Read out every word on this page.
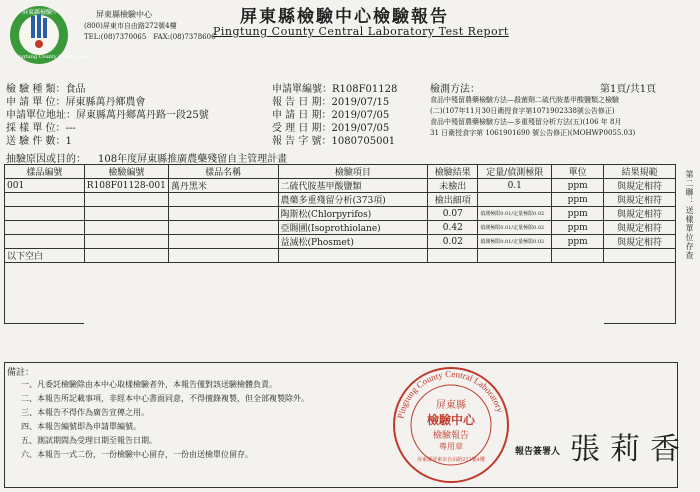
屏東縣檢驗中心
Pingtung County Central Lab
屏東縣檢驗中心
(800)屏東市自由路272號4樓
TEL:(08)7370065　FAX:(08)7378606
屏東縣檢驗中心檢驗報告
Pingtung County Central Laboratory Test Report
檢 驗 種 類：食品
申 請 單 位：屏東縣萬丹鄉農會
申請單位地址：屏東縣萬丹鄉萬丹路一段25號
採 樣 單 位：---
送 驗 件 數：1
申請單編號：R108F01128
報 告 日 期：2019/07/15
申 請 日 期：2019/07/05
受 理 日 期：2019/07/05
報 告 字 號：1080705001
檢測方法：	第1頁/共1頁
食品中殘留農藥檢驗方法—殺菌劑二硫代胺基甲酸鹽類之檢驗
(二)(107年11月30日衛授食字第1071902338號公告修正)
食品中殘留農藥檢驗方法—多重殘留分析方法(五)(106 年 8月
31 日衛授食字第 1061901690 號公告修正)(MOHWP0055.03)
抽驗原因或目的： 108年度屏東縣推廣農藥殘留自主管理計畫
樣品編號	檢驗編號	樣品名稱	檢驗項目	檢驗結果	定量/偵測極限	單位	結果規範
001	R108F01128-001	萬丹黑米	二硫代胺基甲酸鹽類	未檢出	0.1	ppm	與規定相符
			農藥多重殘留分析(373項)	檢出細項		ppm	與規定相符
			陶斯松(Chlorpyrifos)	0.07	偵測極限0.01/定量極限0.02	ppm	與規定相符
			亞賜圃(Isoprothiolane)	0.42	偵測極限0.01/定量極限0.02	ppm	與規定相符
			益滅松(Phosmet)	0.02	偵測極限0.01/定量極限0.02	ppm	與規定相符
以下空白							
								第二聯：送樣單位存查
備註：
一、凡委託檢驗除由本中心取樣檢驗者外，本報告僅對該送驗檢體負責。
二、本報告所記載事項，非經本中心書面同意，不得擅錄複製，但全部複製除外。
三、本報告不得作為廣告宣傳之用。
四、本報告編號即為申請單編號。
五、測試期間為受理日期至報告日期。
六、本報告一式二份，一份檢驗中心留存，一份由送檢單位留存。
Pingtung County Central Laboratory
屏東縣
檢驗中心
檢驗報告
專用章
屏東縣屏東市自由路272號4樓
報告簽署人 張莉香
